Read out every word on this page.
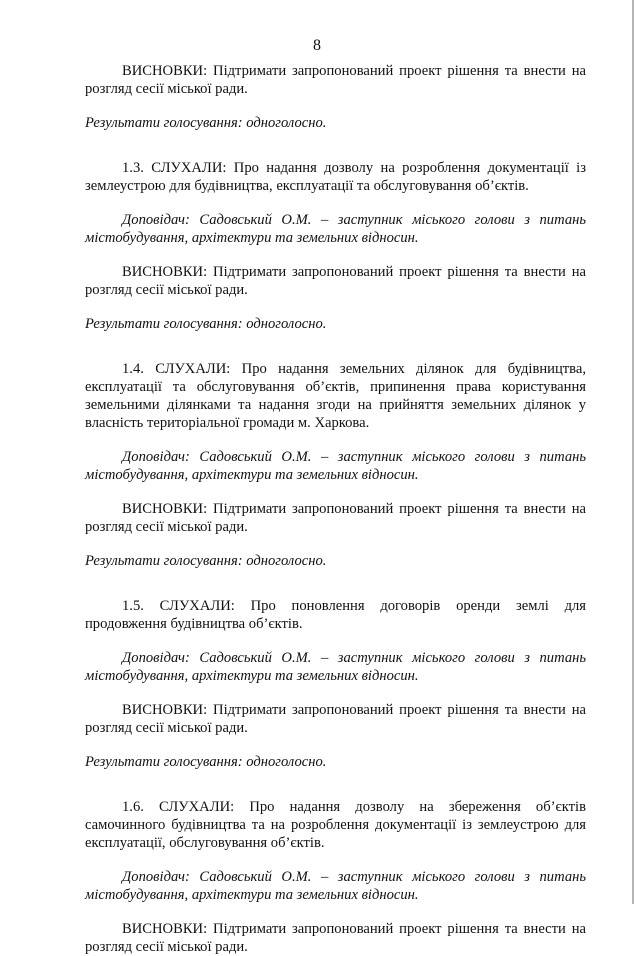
8

ВИСНОВКИ: Підтримати запропонований проект рішення та внести на розгляд сесії міської ради.

Результати голосування: одноголосно.

1.3. СЛУХАЛИ: Про надання дозволу на розроблення документації із землеустрою для будівництва, експлуатації та обслуговування об’єктів.

Доповідач: Садовський О.М. – заступник міського голови з питань містобудування, архітектури та земельних відносин.

ВИСНОВКИ: Підтримати запропонований проект рішення та внести на розгляд сесії міської ради.

Результати голосування: одноголосно.

1.4. СЛУХАЛИ: Про надання земельних ділянок для будівництва, експлуатації та обслуговування об’єктів, припинення права користування земельними ділянками та надання згоди на прийняття земельних ділянок у власність територіальної громади м. Харкова.

Доповідач: Садовський О.М. – заступник міського голови з питань містобудування, архітектури та земельних відносин.

ВИСНОВКИ: Підтримати запропонований проект рішення та внести на розгляд сесії міської ради.

Результати голосування: одноголосно.

1.5. СЛУХАЛИ: Про поновлення договорів оренди землі для продовження будівництва об’єктів.

Доповідач: Садовський О.М. – заступник міського голови з питань містобудування, архітектури та земельних відносин.

ВИСНОВКИ: Підтримати запропонований проект рішення та внести на розгляд сесії міської ради.

Результати голосування: одноголосно.

1.6. СЛУХАЛИ: Про надання дозволу на збереження об’єктів самочинного будівництва та на розроблення документації із землеустрою для експлуатації, обслуговування об’єктів.

Доповідач: Садовський О.М. – заступник міського голови з питань містобудування, архітектури та земельних відносин.

ВИСНОВКИ: Підтримати запропонований проект рішення та внести на розгляд сесії міської ради.
